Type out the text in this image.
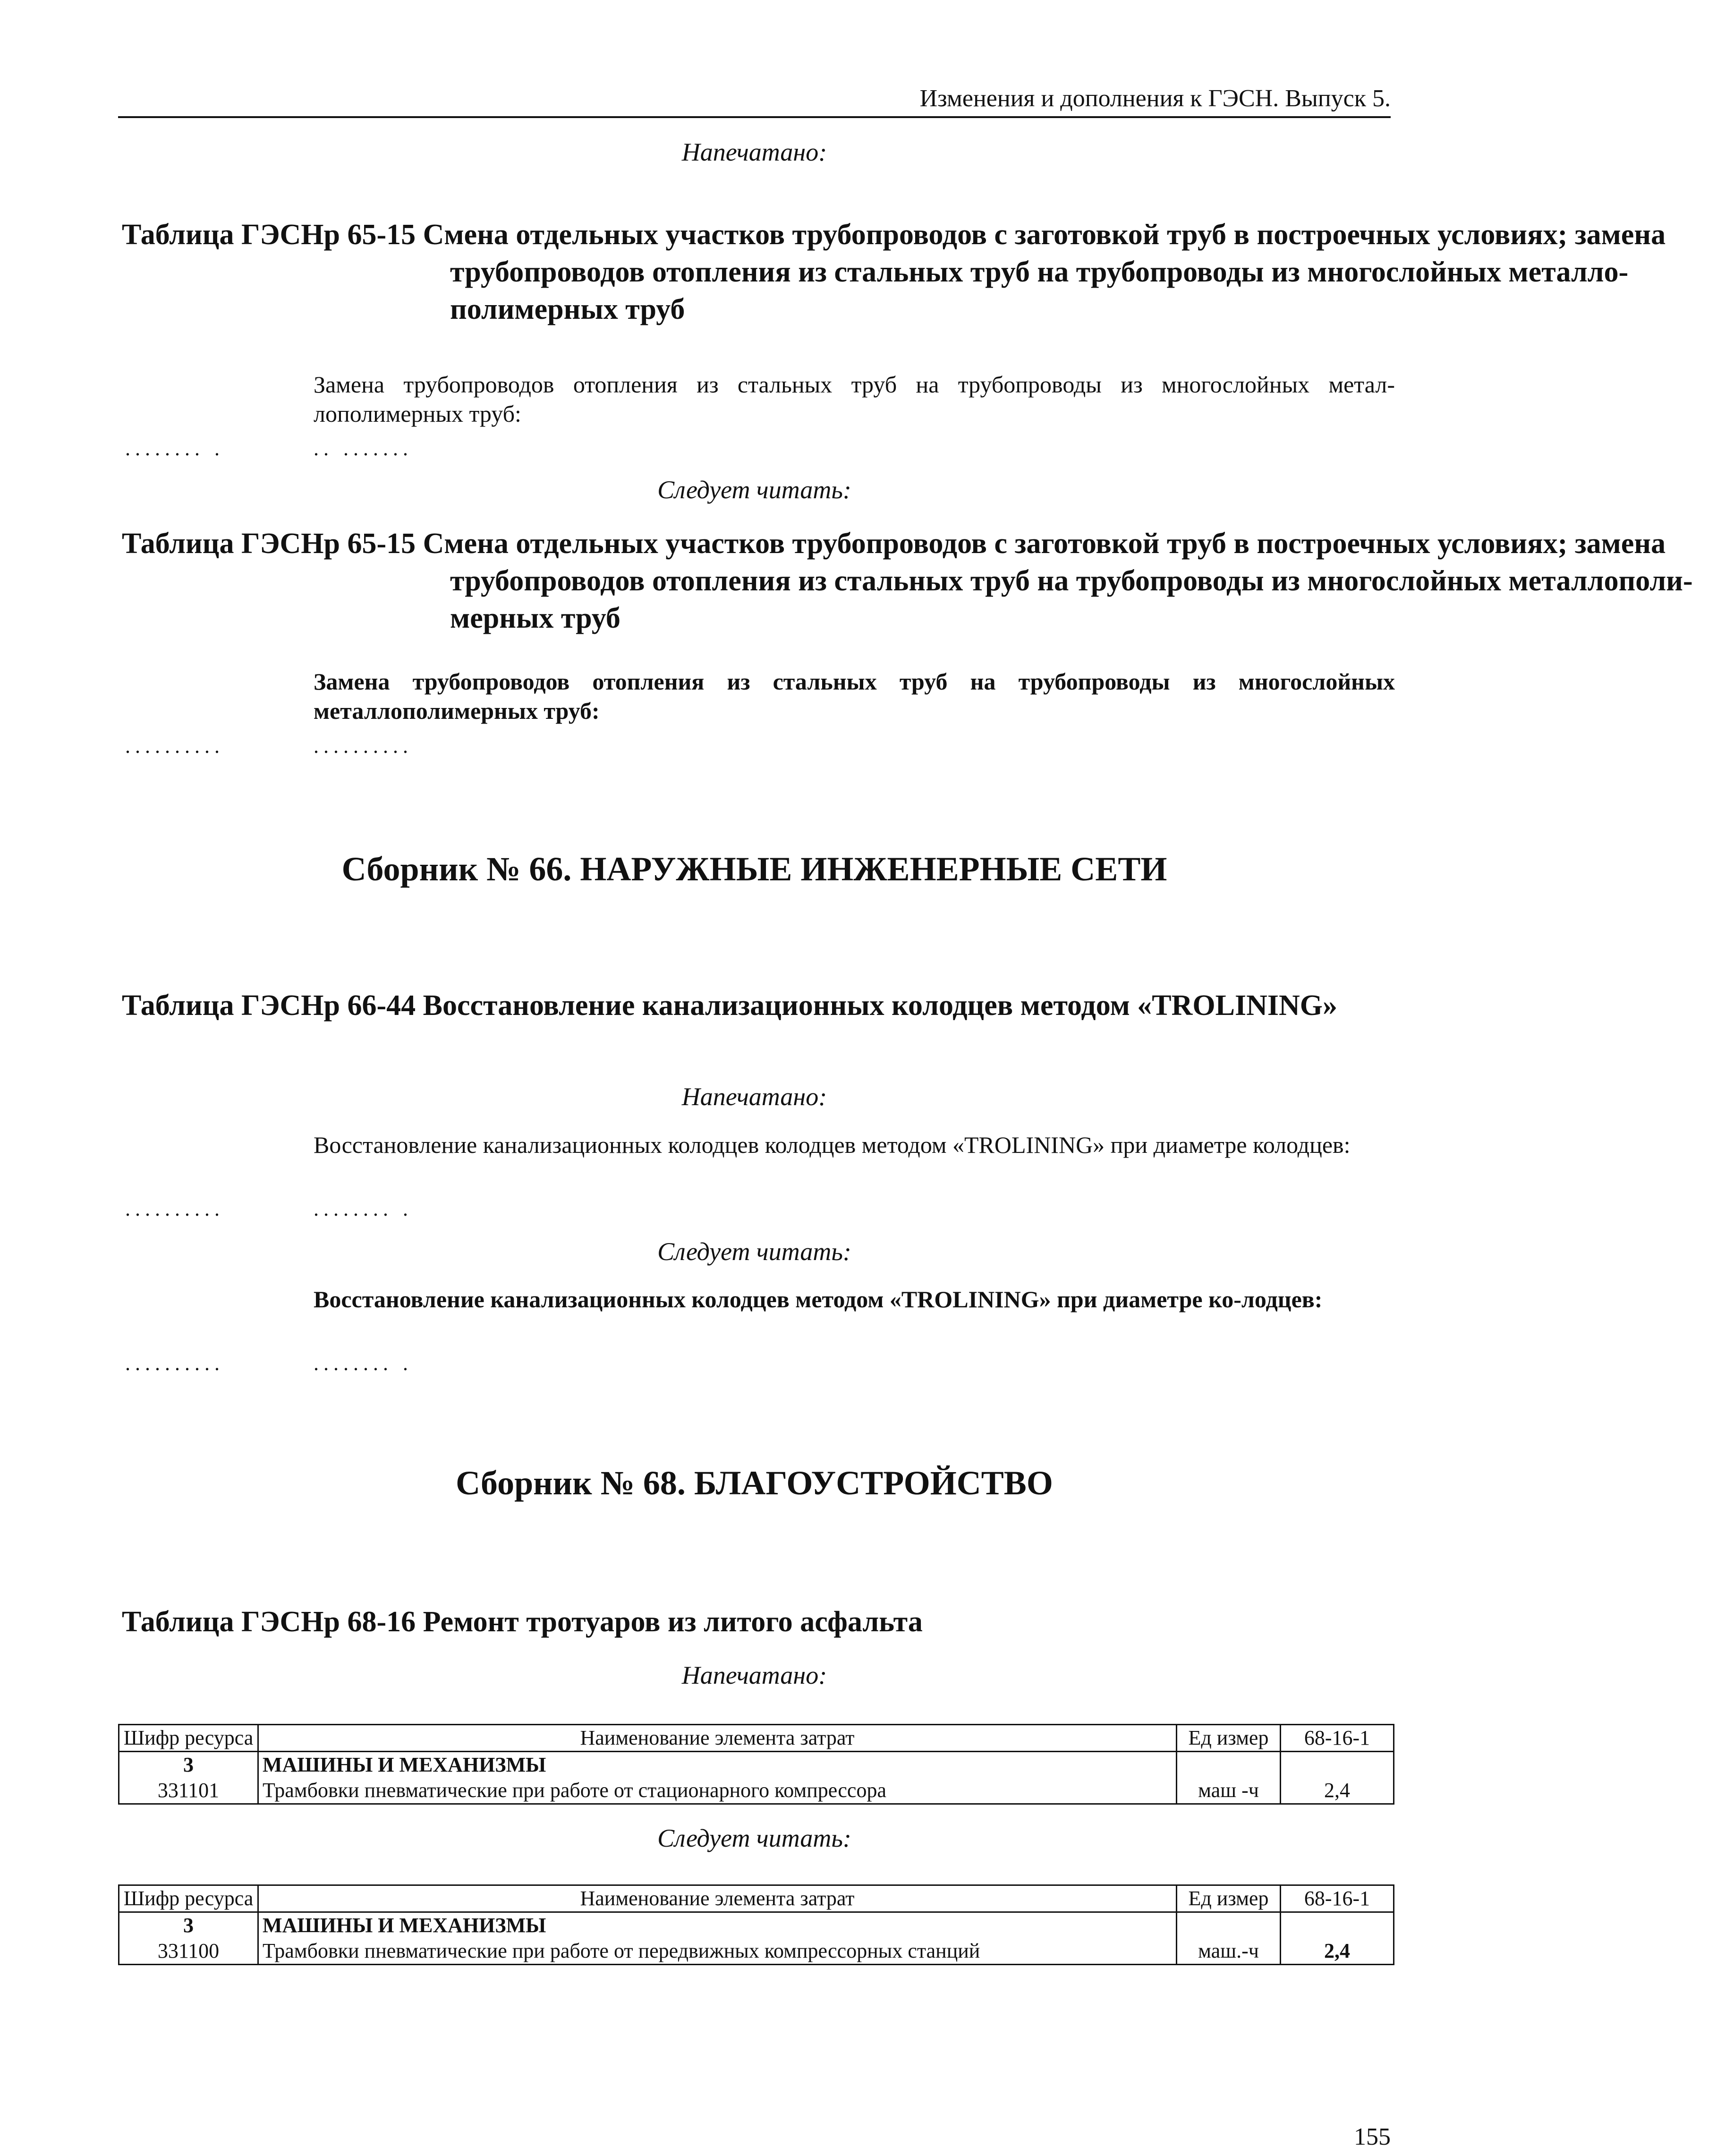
Изменения и дополнения к ГЭСН. Выпуск 5.
Напечатано:
Таблица ГЭСНр 65-15 Смена отдельных участков трубопроводов с заготовкой труб в построечных условиях; замена трубопроводов отопления из стальных труб на трубопроводы из многослойных металло-полимерных труб
Замена трубопроводов отопления из стальных труб на трубопроводы из многослойных метал-лополимерных труб:
........ .	.. .......
Следует читать:
Таблица ГЭСНр 65-15 Смена отдельных участков трубопроводов с заготовкой труб в построечных условиях; замена трубопроводов отопления из стальных труб на трубопроводы из многослойных металлополи-мерных труб
Замена трубопроводов отопления из стальных труб на трубопроводы из многослойных металлополимерных труб:
..........	..........
Сборник № 66. НАРУЖНЫЕ ИНЖЕНЕРНЫЕ СЕТИ
Таблица ГЭСНр 66-44 Восстановление канализационных колодцев методом «TROLINING»
Напечатано:
Восстановление канализационных колодцев колодцев методом «TROLINING» при диаметре колодцев:
..........	........ .
Следует читать:
Восстановление канализационных колодцев методом «TROLINING» при диаметре ко-лодцев:
..........	........ .
Сборник № 68. БЛАГОУСТРОЙСТВО
Таблица ГЭСНр 68-16 Ремонт тротуаров из литого асфальта
Напечатано:
Шифр ресурса	Наименование элемента затрат	Ед измер	68-16-1
3	МАШИНЫ И МЕХАНИЗМЫ		
331101	Трамбовки пневматические при работе от стационарного компрессора	маш -ч	2,4
Следует читать:
Шифр ресурса	Наименование элемента затрат	Ед измер	68-16-1
3	МАШИНЫ И МЕХАНИЗМЫ		
331100	Трамбовки пневматические при работе от передвижных компрессорных станций	маш.-ч	2,4
155
